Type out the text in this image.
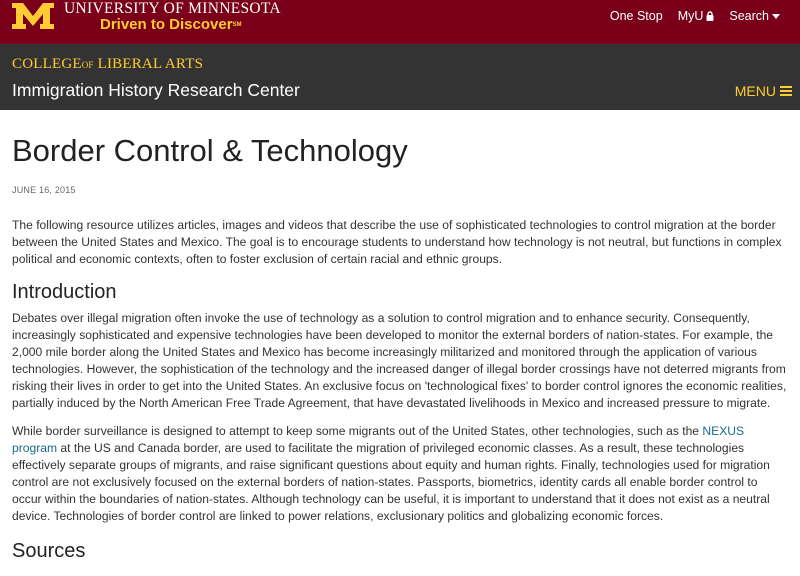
UNIVERSITY OF MINNESOTA
Driven to Discover℠
One Stop MyU Search
COLLEGEOF LIBERAL ARTS
Immigration History Research Center	MENU
Border Control & Technology
JUNE 16, 2015

The following resource utilizes articles, images and videos that describe the use of sophisticated technologies to control migration at the border between the United States and Mexico. The goal is to encourage students to understand how technology is not neutral, but functions in complex political and economic contexts, often to foster exclusion of certain racial and ethnic groups.

Introduction

Debates over illegal migration often invoke the use of technology as a solution to control migration and to enhance security. Consequently, increasingly sophisticated and expensive technologies have been developed to monitor the external borders of nation-states. For example, the 2,000 mile border along the United States and Mexico has become increasingly militarized and monitored through the application of various technologies. However, the sophistication of the technology and the increased danger of illegal border crossings have not deterred migrants from risking their lives in order to get into the United States. An exclusive focus on 'technological fixes' to border control ignores the economic realities, partially induced by the North American Free Trade Agreement, that have devastated livelihoods in Mexico and increased pressure to migrate.

While border surveillance is designed to attempt to keep some migrants out of the United States, other technologies, such as the NEXUS program at the US and Canada border, are used to facilitate the migration of privileged economic classes. As a result, these technologies effectively separate groups of migrants, and raise significant questions about equity and human rights. Finally, technologies used for migration control are not exclusively focused on the external borders of nation-states. Passports, biometrics, identity cards all enable border control to occur within the boundaries of nation-states. Although technology can be useful, it is important to understand that it does not exist as a neutral device. Technologies of border control are linked to power relations, exclusionary politics and globalizing economic forces.

Sources
